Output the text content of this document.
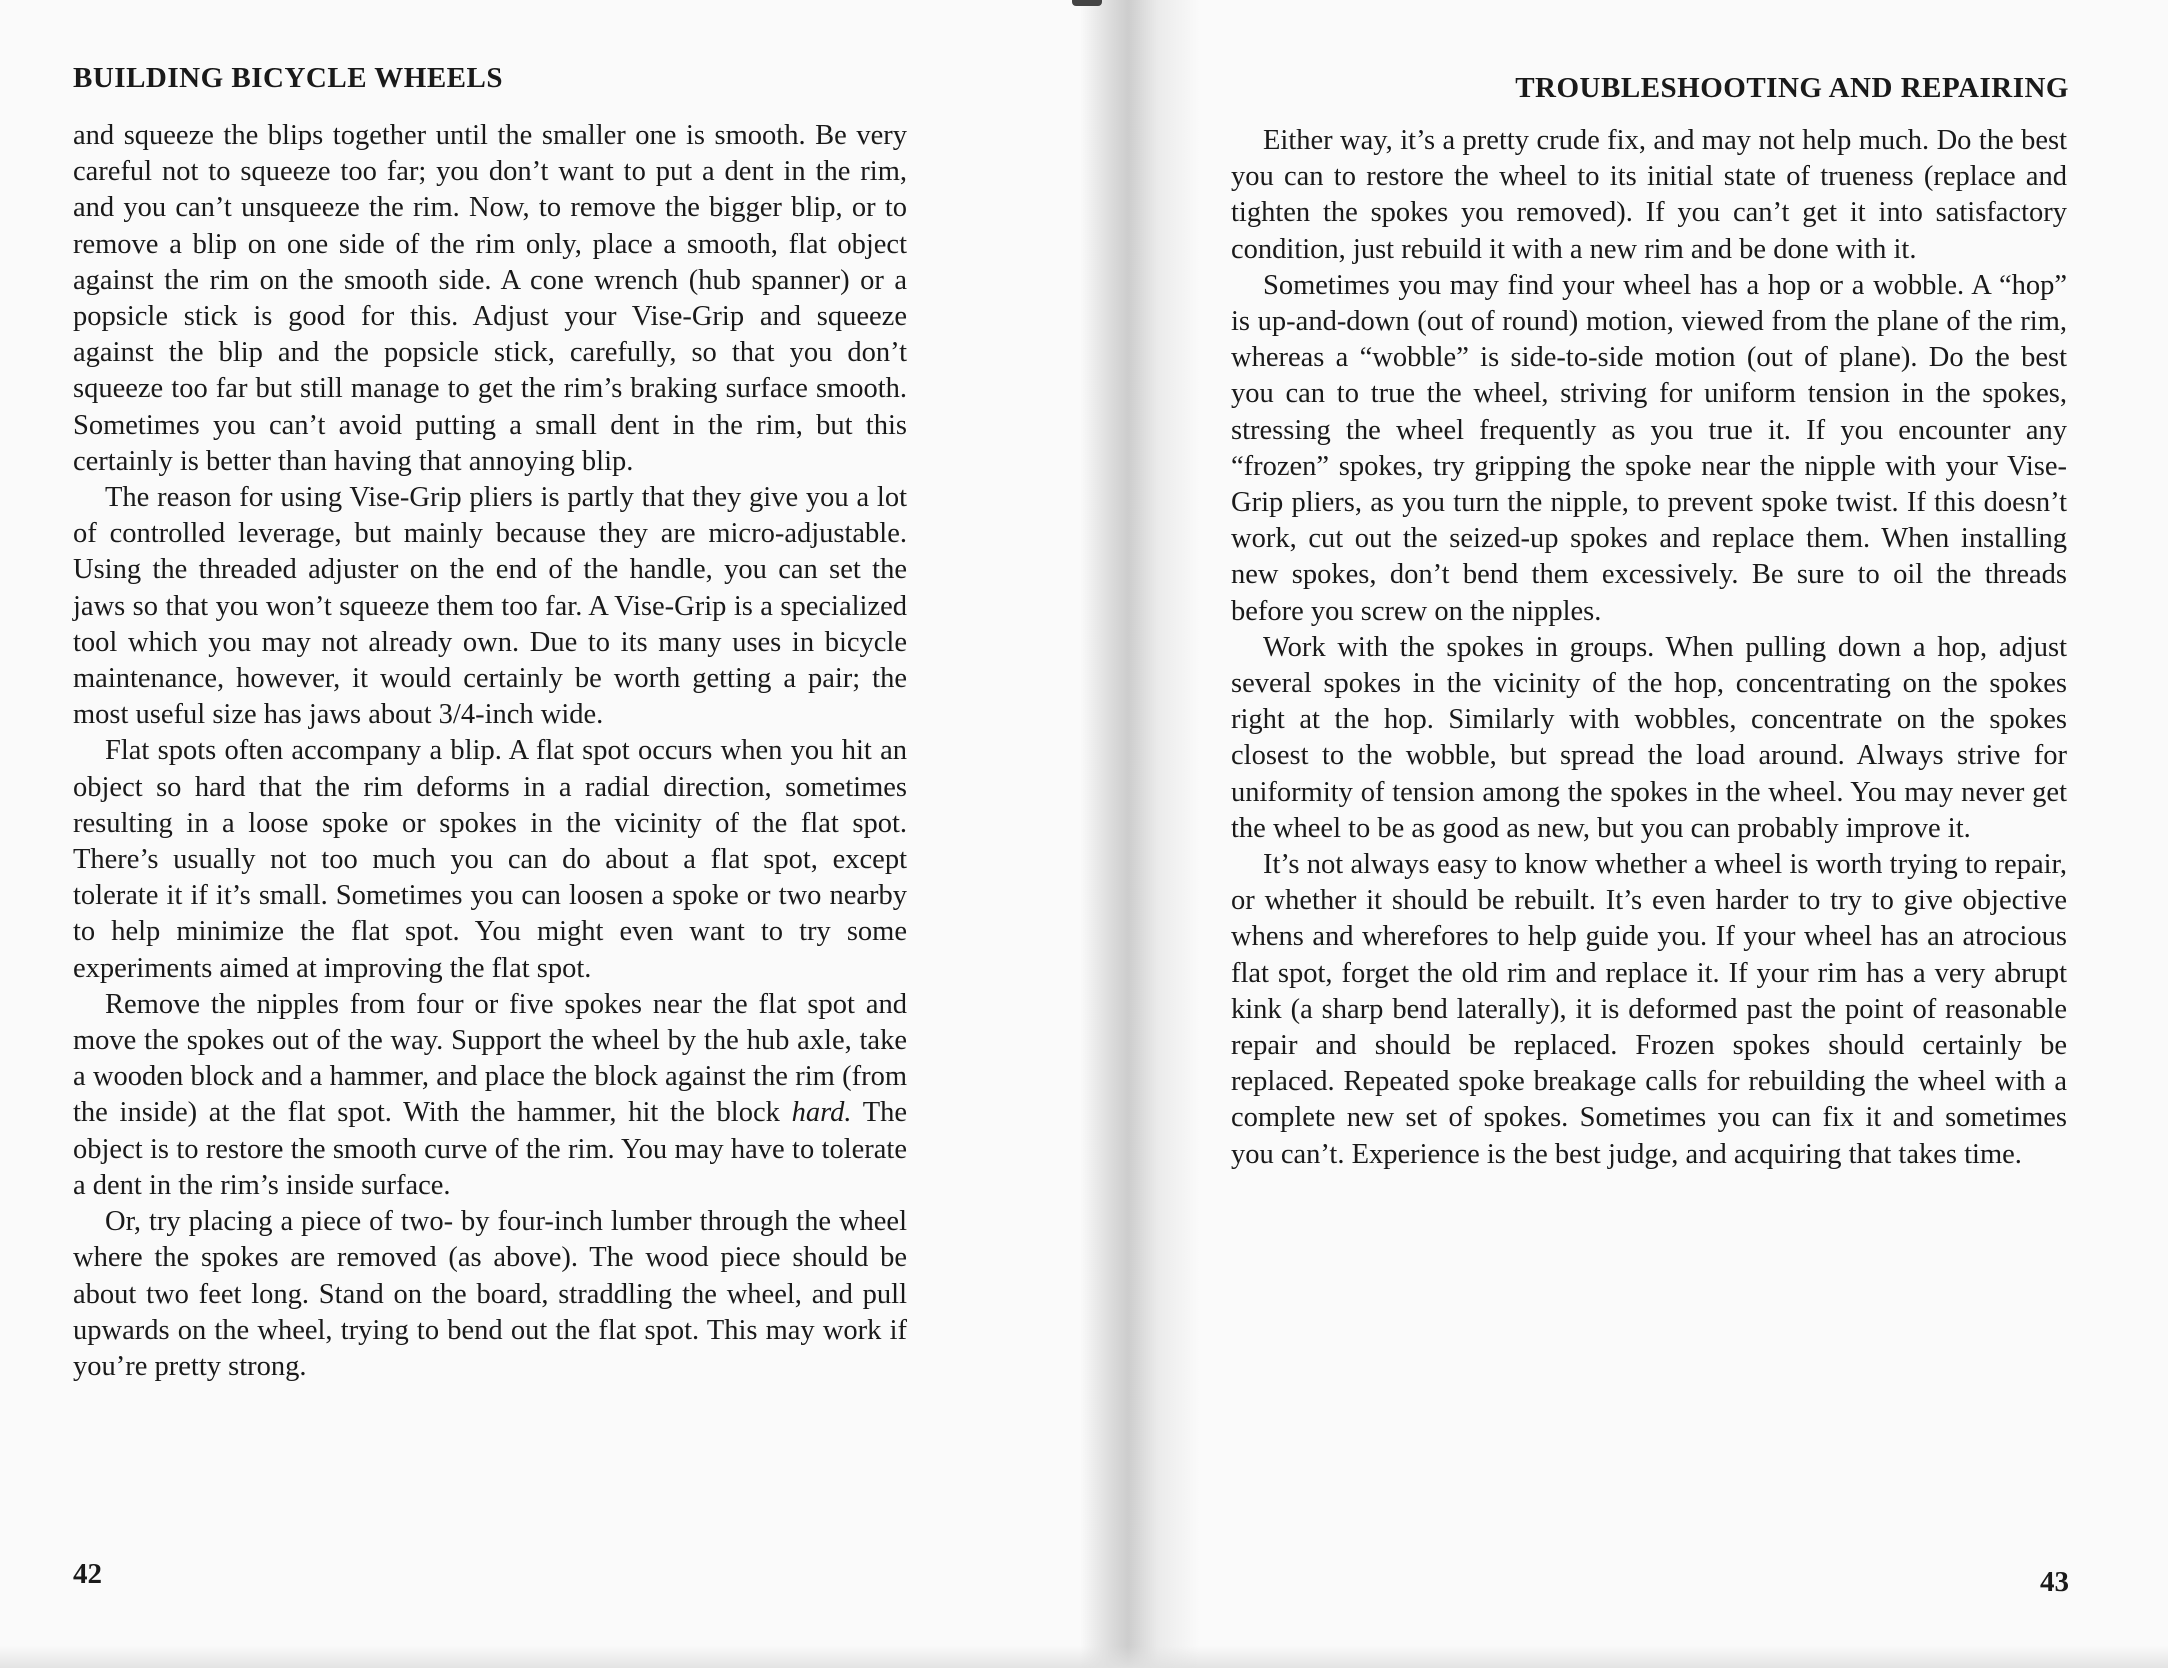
BUILDING BICYCLE WHEELS

and squeeze the blips together until the smaller one is smooth. Be very careful not to squeeze too far; you don’t want to put a dent in the rim, and you can’t unsqueeze the rim. Now, to remove the bigger blip, or to remove a blip on one side of the rim only, place a smooth, flat object against the rim on the smooth side. A cone wrench (hub spanner) or a popsicle stick is good for this. Adjust your Vise-Grip and squeeze against the blip and the popsicle stick, carefully, so that you don’t squeeze too far but still manage to get the rim’s braking surface smooth. Sometimes you can’t avoid putting a small dent in the rim, but this certainly is better than having that annoying blip.

The reason for using Vise-Grip pliers is partly that they give you a lot of controlled leverage, but mainly because they are micro-adjustable. Using the threaded adjuster on the end of the handle, you can set the jaws so that you won’t squeeze them too far. A Vise-Grip is a specialized tool which you may not already own. Due to its many uses in bicycle maintenance, however, it would certainly be worth getting a pair; the most useful size has jaws about 3/4-inch wide.

Flat spots often accompany a blip. A flat spot occurs when you hit an object so hard that the rim deforms in a radial direction, sometimes resulting in a loose spoke or spokes in the vicinity of the flat spot. There’s usually not too much you can do about a flat spot, except tolerate it if it’s small. Sometimes you can loosen a spoke or two nearby to help minimize the flat spot. You might even want to try some experiments aimed at improving the flat spot.

Remove the nipples from four or five spokes near the flat spot and move the spokes out of the way. Support the wheel by the hub axle, take a wooden block and a hammer, and place the block against the rim (from the inside) at the flat spot. With the hammer, hit the block hard. The object is to restore the smooth curve of the rim. You may have to tolerate a dent in the rim’s inside surface.

Or, try placing a piece of two- by four-inch lumber through the wheel where the spokes are removed (as above). The wood piece should be about two feet long. Stand on the board, straddling the wheel, and pull upwards on the wheel, trying to bend out the flat spot. This may work if you’re pretty strong.

42
TROUBLESHOOTING AND REPAIRING

Either way, it’s a pretty crude fix, and may not help much. Do the best you can to restore the wheel to its initial state of trueness (replace and tighten the spokes you removed). If you can’t get it into satisfactory condition, just rebuild it with a new rim and be done with it.

Sometimes you may find your wheel has a hop or a wobble. A “hop” is up-and-down (out of round) motion, viewed from the plane of the rim, whereas a “wobble” is side-to-side motion (out of plane). Do the best you can to true the wheel, striving for uniform tension in the spokes, stressing the wheel frequently as you true it. If you encounter any “frozen” spokes, try gripping the spoke near the nipple with your Vise-Grip pliers, as you turn the nipple, to prevent spoke twist. If this doesn’t work, cut out the seized-up spokes and replace them. When installing new spokes, don’t bend them excessively. Be sure to oil the threads before you screw on the nipples.

Work with the spokes in groups. When pulling down a hop, adjust several spokes in the vicinity of the hop, concentrating on the spokes right at the hop. Similarly with wobbles, concentrate on the spokes closest to the wobble, but spread the load around. Always strive for uniformity of tension among the spokes in the wheel. You may never get the wheel to be as good as new, but you can probably improve it.

It’s not always easy to know whether a wheel is worth trying to repair, or whether it should be rebuilt. It’s even harder to try to give objective whens and wherefores to help guide you. If your wheel has an atrocious flat spot, forget the old rim and replace it. If your rim has a very abrupt kink (a sharp bend laterally), it is deformed past the point of reasonable repair and should be replaced. Frozen spokes should certainly be replaced. Repeated spoke breakage calls for rebuilding the wheel with a complete new set of spokes. Sometimes you can fix it and sometimes you can’t. Experience is the best judge, and acquiring that takes time.

43
